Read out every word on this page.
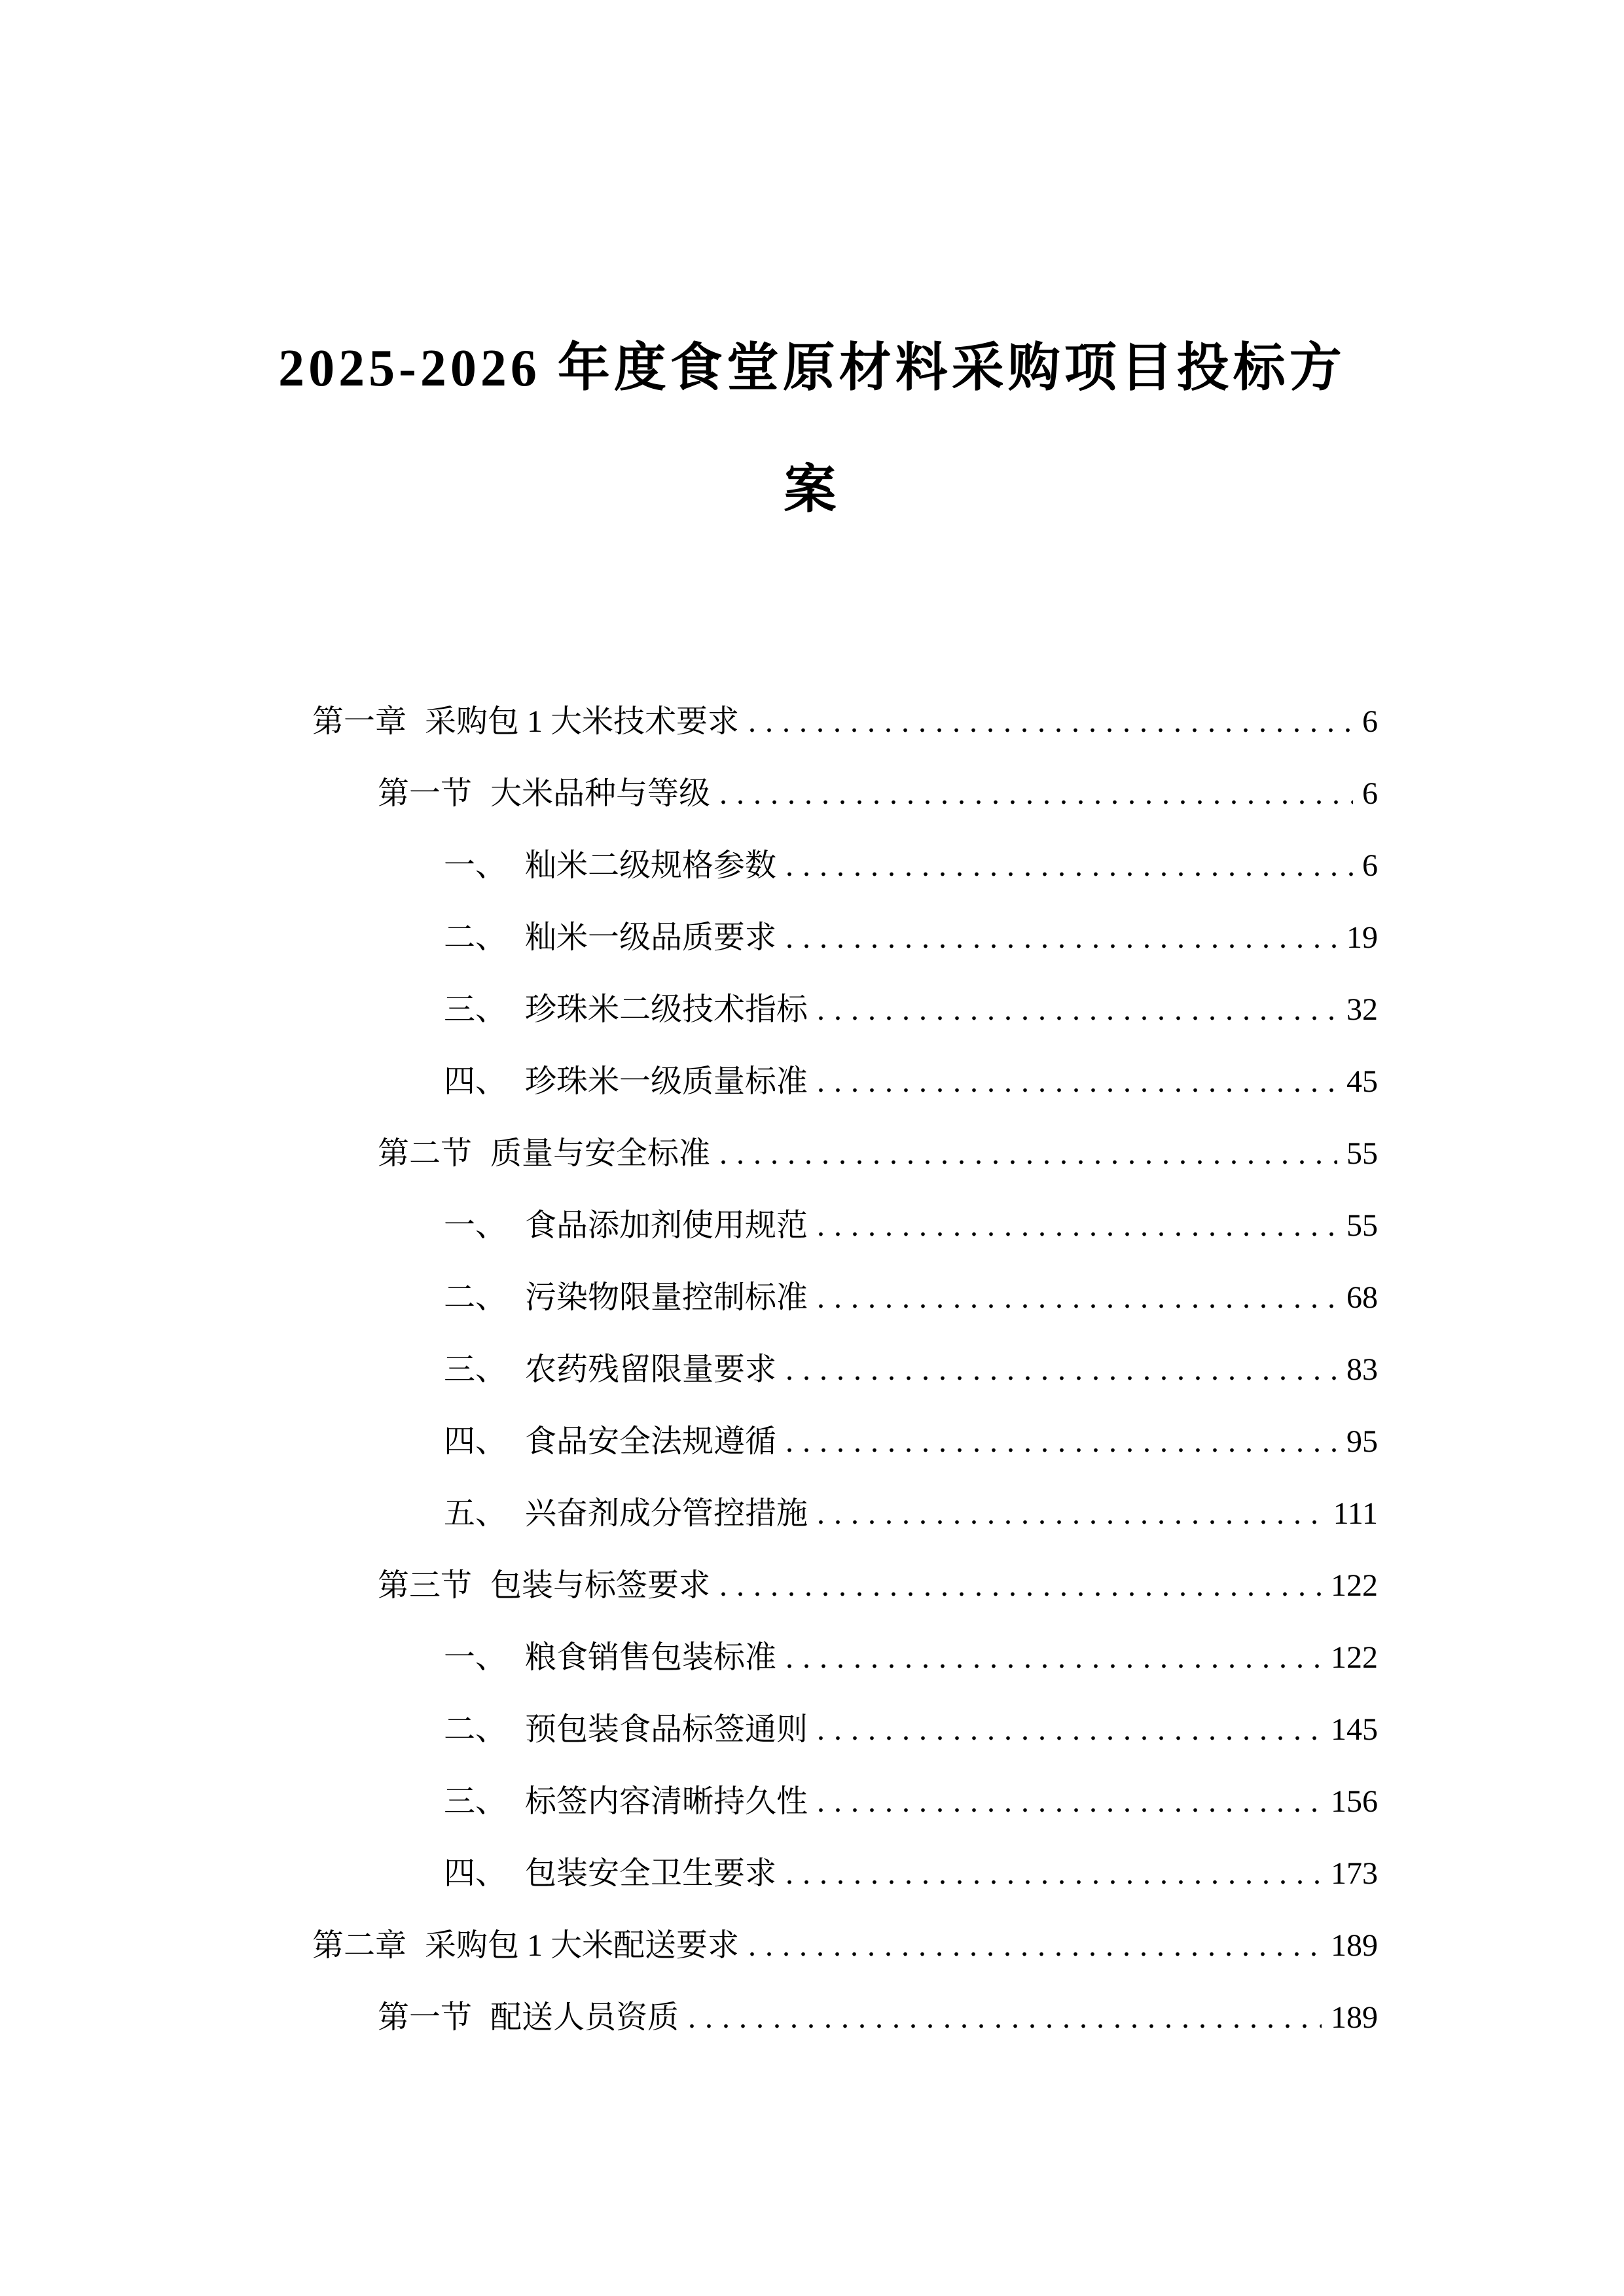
2025-2026 年度食堂原材料采购项目投标方
案
第一章 采购包 1 大米技术要求 . . .	6
第一节 大米品种与等级 . . .	6
一、 籼米二级规格参数 . . .	6
二、 籼米一级品质要求 . . .	19
三、 珍珠米二级技术指标 . . .	32
四、 珍珠米一级质量标准 . . .	45
第二节 质量与安全标准 . . .	55
一、 食品添加剂使用规范 . . .	55
二、 污染物限量控制标准 . . .	68
三、 农药残留限量要求 . . .	83
四、 食品安全法规遵循 . . .	95
五、 兴奋剂成分管控措施 . . .	111
第三节 包装与标签要求 . . .	122
一、 粮食销售包装标准 . . .	122
二、 预包装食品标签通则 . . .	145
三、 标签内容清晰持久性 . . .	156
四、 包装安全卫生要求 . . .	173
第二章 采购包 1 大米配送要求 . . .	189
第一节 配送人员资质 . . .	189
